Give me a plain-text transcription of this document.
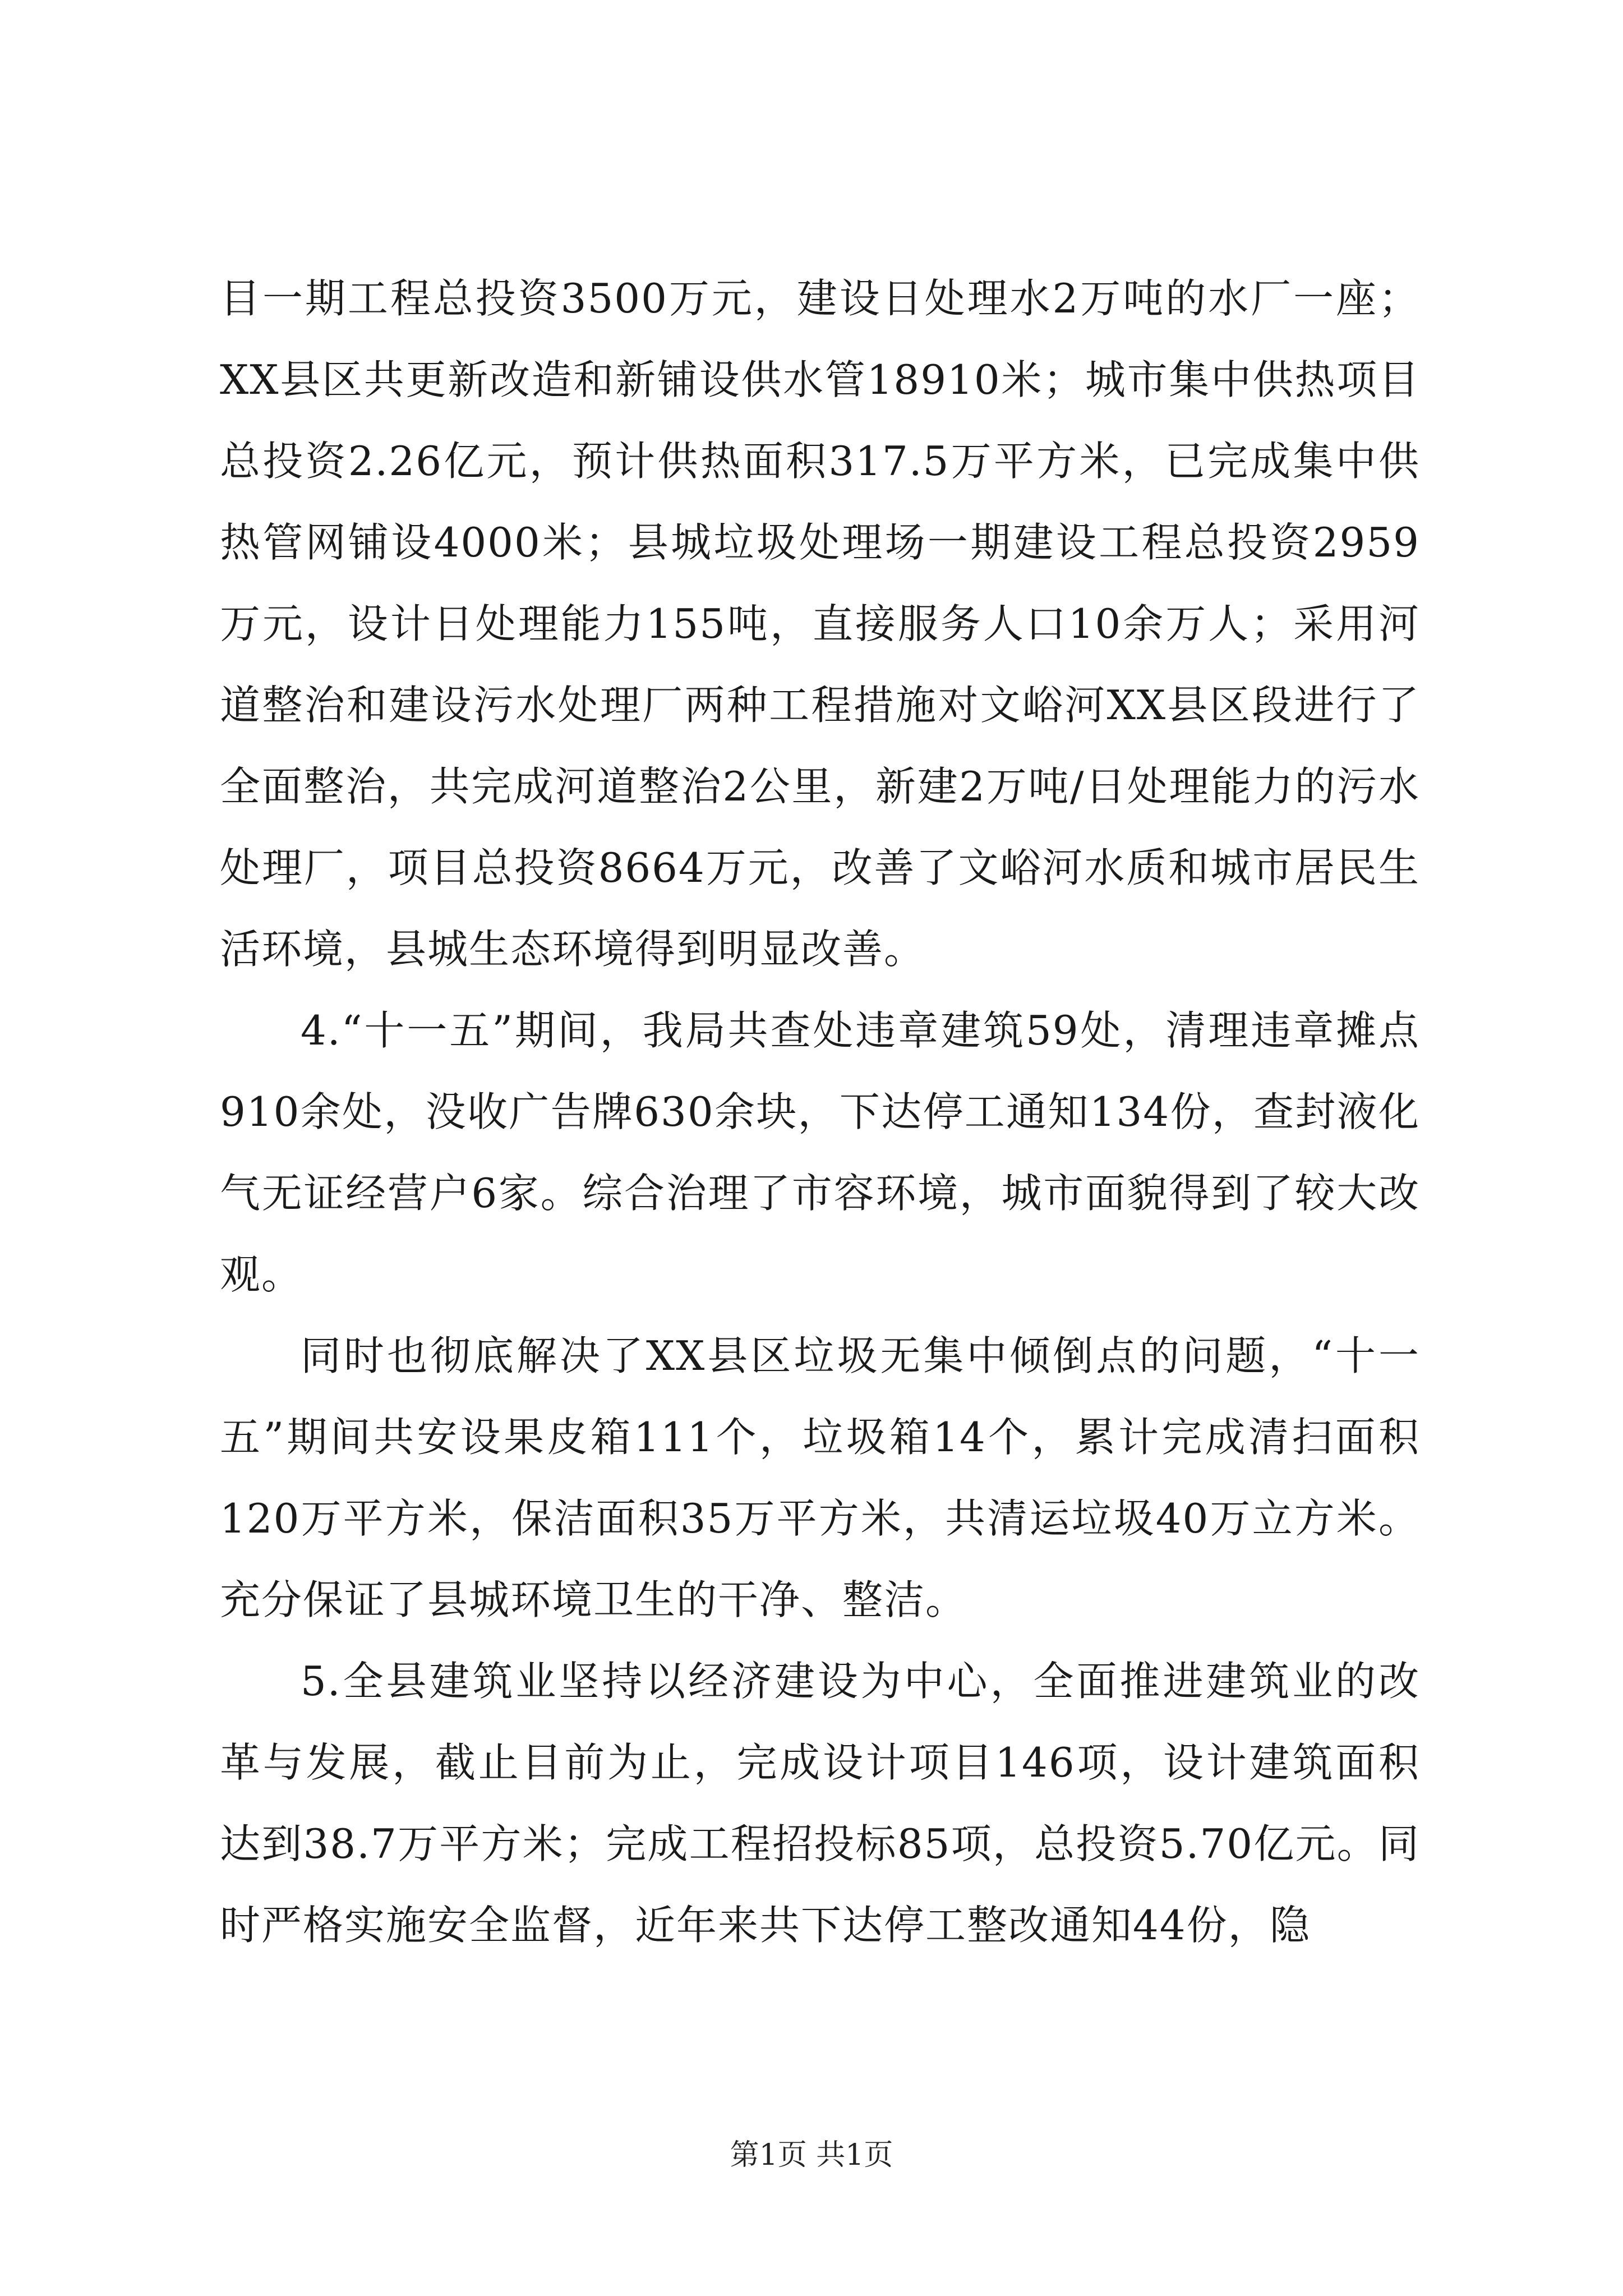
目一期工程总投资3500万元，建设日处理水2万吨的水厂一座；XX县区共更新改造和新铺设供水管18910米；城市集中供热项目总投资2.26亿元，预计供热面积317.5万平方米，已完成集中供热管网铺设4000米；县城垃圾处理场一期建设工程总投资2959万元，设计日处理能力155吨，直接服务人口10余万人；采用河道整治和建设污水处理厂两种工程措施对文峪河XX县区段进行了全面整治，共完成河道整治2公里，新建2万吨/日处理能力的污水处理厂，项目总投资8664万元，改善了文峪河水质和城市居民生活环境，县城生态环境得到明显改善。

4.“十一五”期间，我局共查处违章建筑59处，清理违章摊点910余处，没收广告牌630余块，下达停工通知134份，查封液化气无证经营户6家。综合治理了市容环境，城市面貌得到了较大改观。

同时也彻底解决了XX县区垃圾无集中倾倒点的问题，“十一五”期间共安设果皮箱111个，垃圾箱14个，累计完成清扫面积120万平方米，保洁面积35万平方米，共清运垃圾40万立方米。充分保证了县城环境卫生的干净、整洁。

5.全县建筑业坚持以经济建设为中心，全面推进建筑业的改革与发展，截止目前为止，完成设计项目146项，设计建筑面积达到38.7万平方米；完成工程招投标85项，总投资5.70亿元。同时严格实施安全监督，近年来共下达停工整改通知44份，隐

第1页 共1页
